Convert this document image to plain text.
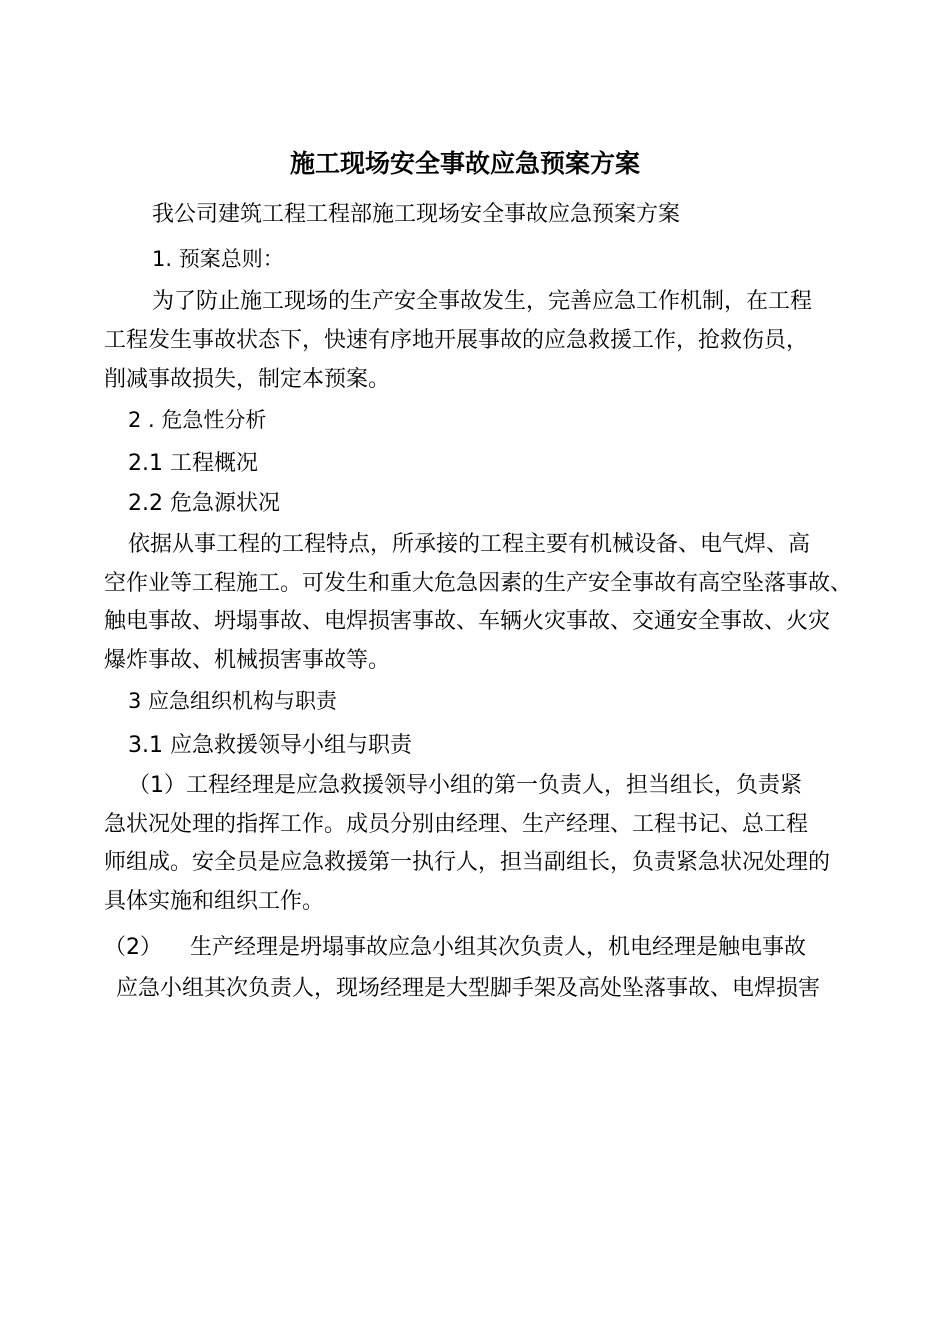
施工现场安全事故应急预案方案
我公司建筑工程工程部施工现场安全事故应急预案方案
1. 预案总则：
为了防止施工现场的生产安全事故发生，完善应急工作机制，在工程
工程发生事故状态下，快速有序地开展事故的应急救援工作，抢救伤员，
削减事故损失，制定本预案。
2 . 危急性分析
2.1 工程概况
2.2 危急源状况
依据从事工程的工程特点，所承接的工程主要有机械设备、电气焊、高
空作业等工程施工。可发生和重大危急因素的生产安全事故有高空坠落事故、
触电事故、坍塌事故、电焊损害事故、车辆火灾事故、交通安全事故、火灾
爆炸事故、机械损害事故等。
3 应急组织机构与职责
3.1 应急救援领导小组与职责
（1）工程经理是应急救援领导小组的第一负责人，担当组长，负责紧
急状况处理的指挥工作。成员分别由经理、生产经理、工程书记、总工程
师组成。安全员是应急救援第一执行人，担当副组长，负责紧急状况处理的
具体实施和组织工作。
（2） 生产经理是坍塌事故应急小组其次负责人，机电经理是触电事故
应急小组其次负责人，现场经理是大型脚手架及高处坠落事故、电焊损害
